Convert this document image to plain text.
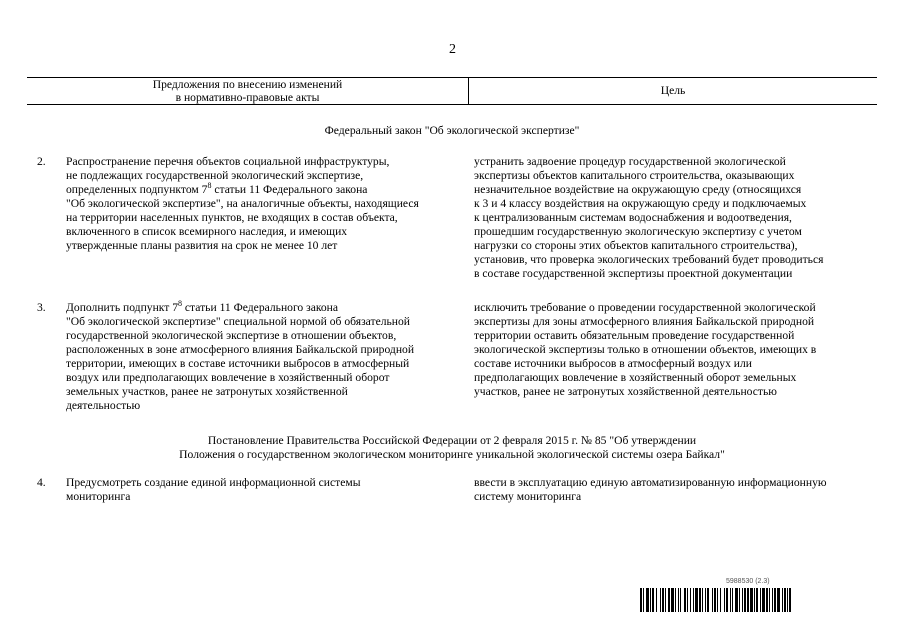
2
Предложения по внесению изменений
в нормативно-правовые акты	Цель
Федеральный закон "Об экологической экспертизе"
2. Распространение перечня объектов социальной инфраструктуры,
не подлежащих государственной экологический экспертизе,
определенных подпунктом $7^8$ статьи 11 Федерального закона
"Об экологической экспертизе", на аналогичные объекты, находящиеся
на территории населенных пунктов, не входящих в состав объекта,
включенного в список всемирного наследия, и имеющих
утвержденные планы развития на срок не менее 10 лет
устранить задвоение процедур государственной экологической
экспертизы объектов капитального строительства, оказывающих
незначительное воздействие на окружающую среду (относящихся
к 3 и 4 классу воздействия на окружающую среду и подключаемых
к централизованным системам водоснабжения и водоотведения,
прошедшим государственную экологическую экспертизу с учетом
нагрузки со стороны этих объектов капитального строительства),
установив, что проверка экологических требований будет проводиться
в составе государственной экспертизы проектной документации
3. Дополнить подпункт $7^8$ статьи 11 Федерального закона
"Об экологической экспертизе" специальной нормой об обязательной
государственной экологической экспертизе в отношении объектов,
расположенных в зоне атмосферного влияния Байкальской природной
территории, имеющих в составе источники выбросов в атмосферный
воздух или предполагающих вовлечение в хозяйственный оборот
земельных участков, ранее не затронутых хозяйственной
деятельностью
исключить требование о проведении государственной экологической
экспертизы для зоны атмосферного влияния Байкальской природной
территории оставить обязательным проведение государственной
экологической экспертизы только в отношении объектов, имеющих в
составе источники выбросов в атмосферный воздух или
предполагающих вовлечение в хозяйственный оборот земельных
участков, ранее не затронутых хозяйственной деятельностью
Постановление Правительства Российской Федерации от 2 февраля 2015 г. № 85 "Об утверждении
Положения о государственном экологическом мониторинге уникальной экологической системы озера Байкал"
4. Предусмотреть создание единой информационной системы
мониторинга
ввести в эксплуатацию единую автоматизированную информационную
систему мониторинга
5988530 (2.3)
